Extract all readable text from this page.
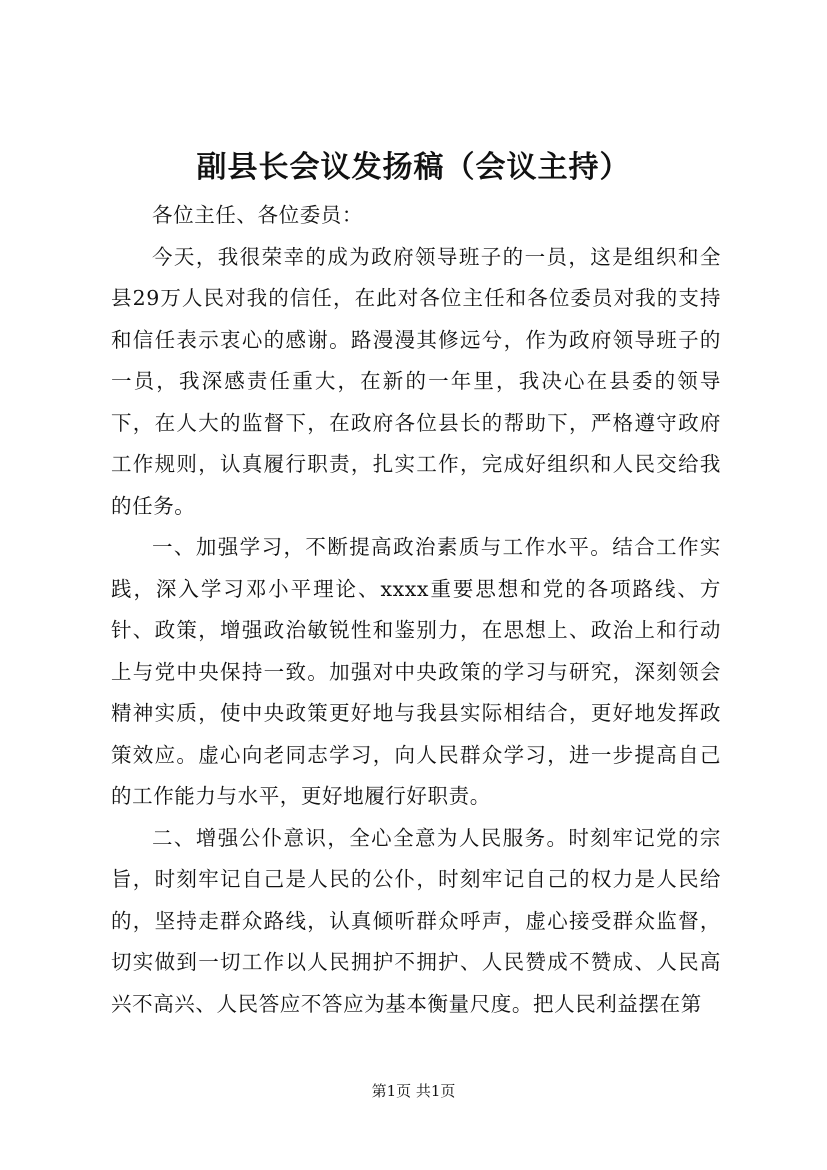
副县长会议发扬稿（会议主持）

各位主任、各位委员：

今天，我很荣幸的成为政府领导班子的一员，这是组织和全县29万人民对我的信任，在此对各位主任和各位委员对我的支持和信任表示衷心的感谢。路漫漫其修远兮，作为政府领导班子的一员，我深感责任重大，在新的一年里，我决心在县委的领导下，在人大的监督下，在政府各位县长的帮助下，严格遵守政府工作规则，认真履行职责，扎实工作，完成好组织和人民交给我的任务。

一、加强学习，不断提高政治素质与工作水平。结合工作实践，深入学习邓小平理论、xxxx重要思想和党的各项路线、方针、政策，增强政治敏锐性和鉴别力，在思想上、政治上和行动上与党中央保持一致。加强对中央政策的学习与研究，深刻领会精神实质，使中央政策更好地与我县实际相结合，更好地发挥政策效应。虚心向老同志学习，向人民群众学习，进一步提高自己的工作能力与水平，更好地履行好职责。

二、增强公仆意识，全心全意为人民服务。时刻牢记党的宗旨，时刻牢记自己是人民的公仆，时刻牢记自己的权力是人民给的，坚持走群众路线，认真倾听群众呼声，虚心接受群众监督，切实做到一切工作以人民拥护不拥护、人民赞成不赞成、人民高兴不高兴、人民答应不答应为基本衡量尺度。把人民利益摆在第

第1页 共1页
